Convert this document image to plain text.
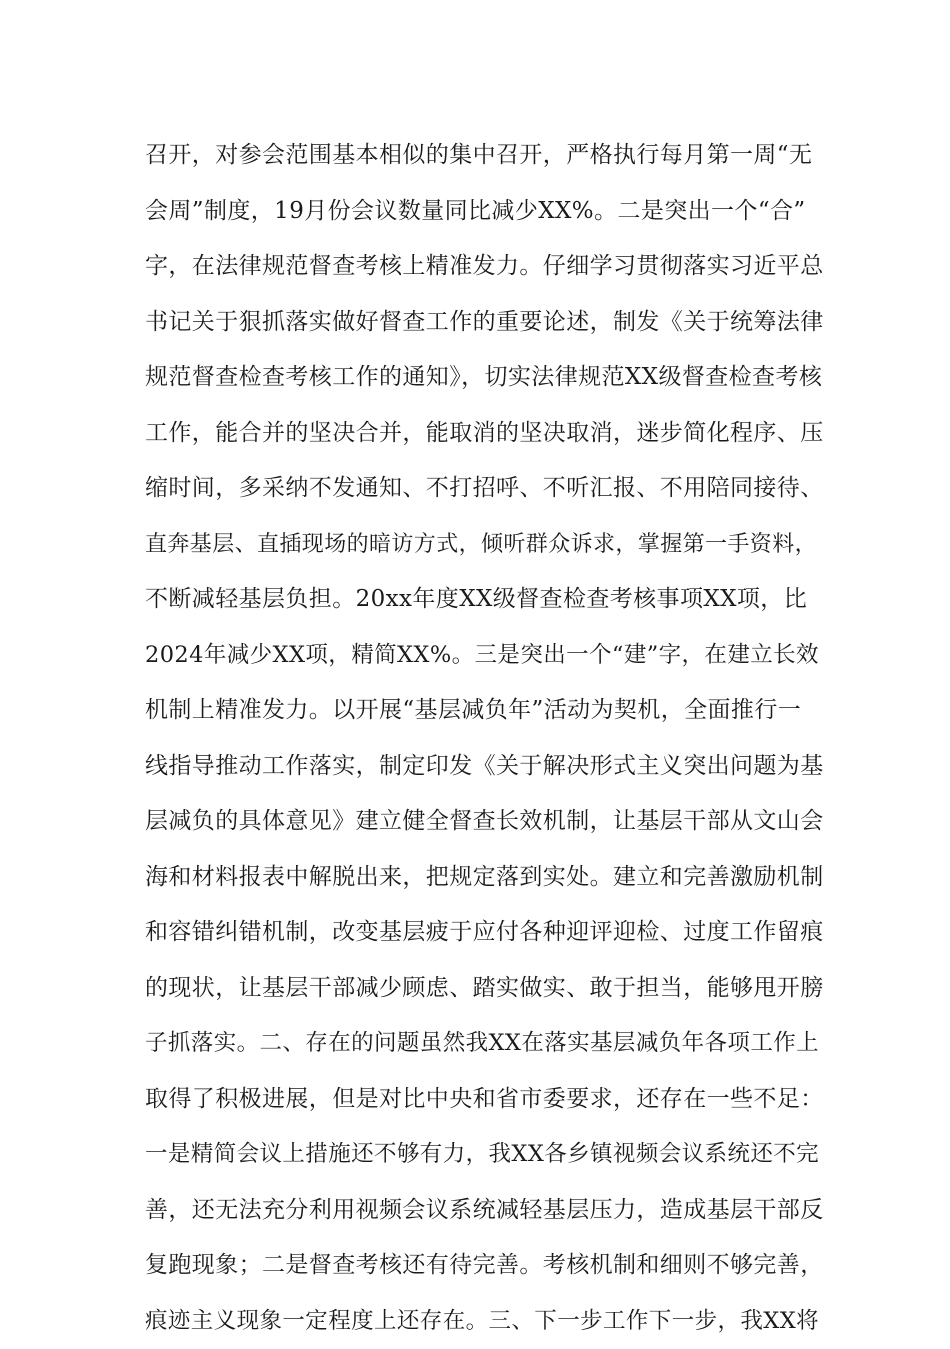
召开，对参会范围基本相似的集中召开，严格执行每月第一周“无
会周”制度，19月份会议数量同比减少XX%。二是突出一个“合”
字，在法律规范督查考核上精准发力。仔细学习贯彻落实习近平总
书记关于狠抓落实做好督查工作的重要论述，制发《关于统筹法律
规范督查检查考核工作的通知》，切实法律规范XX级督查检查考核
工作，能合并的坚决合并，能取消的坚决取消，迷步简化程序、压
缩时间，多采纳不发通知、不打招呼、不听汇报、不用陪同接待、
直奔基层、直插现场的暗访方式，倾听群众诉求，掌握第一手资料，
不断减轻基层负担。20xx年度XX级督查检查考核事项XX项，比
2024年减少XX项，精简XX%。三是突出一个“建”字，在建立长效
机制上精准发力。以开展“基层减负年”活动为契机，全面推行一
线指导推动工作落实，制定印发《关于解决形式主义突出问题为基
层减负的具体意见》建立健全督查长效机制，让基层干部从文山会
海和材料报表中解脱出来，把规定落到实处。建立和完善激励机制
和容错纠错机制，改变基层疲于应付各种迎评迎检、过度工作留痕
的现状，让基层干部减少顾虑、踏实做实、敢于担当，能够甩开膀
子抓落实。二、存在的问题虽然我XX在落实基层减负年各项工作上
取得了积极进展，但是对比中央和省市委要求，还存在一些不足：
一是精简会议上措施还不够有力，我XX各乡镇视频会议系统还不完
善，还无法充分利用视频会议系统减轻基层压力，造成基层干部反
复跑现象；二是督查考核还有待完善。考核机制和细则不够完善，
痕迹主义现象一定程度上还存在。三、下一步工作下一步，我XX将
